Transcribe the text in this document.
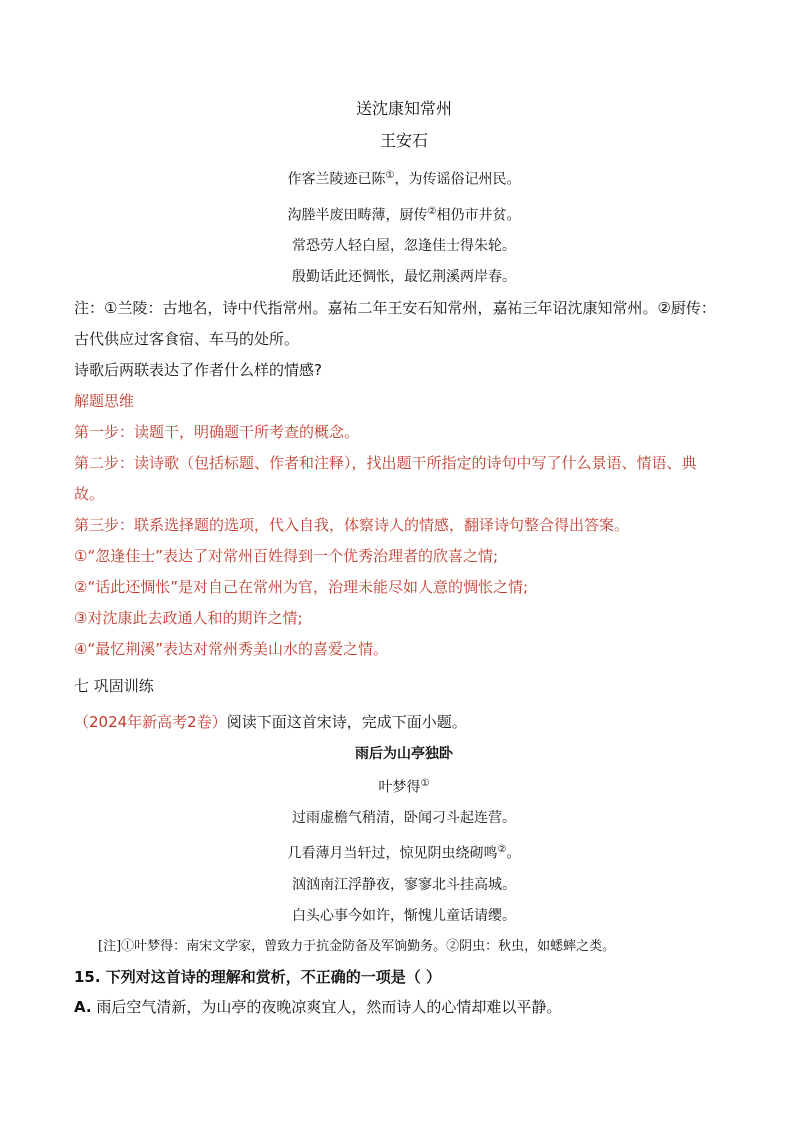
送沈康知常州
王安石
作客兰陵迹已陈①，为传谣俗记州民。
沟塍半废田畴薄，厨传②相仍市井贫。
常恐劳人轻白屋，忽逢佳士得朱轮。
殷勤话此还惆怅，最忆荆溪两岸春。
注：①兰陵：古地名，诗中代指常州。嘉祐二年王安石知常州，嘉祐三年诏沈康知常州。②厨传：
古代供应过客食宿、车马的处所。
诗歌后两联表达了作者什么样的情感?
解题思维
第一步：读题干，明确题干所考查的概念。
第二步：读诗歌（包括标题、作者和注释），找出题干所指定的诗句中写了什么景语、情语、典
故。
第三步：联系选择题的选项，代入自我，体察诗人的情感，翻译诗句整合得出答案。
①“忽逢佳士”表达了对常州百姓得到一个优秀治理者的欣喜之情;
②“话此还惆怅”是对自己在常州为官，治理未能尽如人意的惆怅之情;
③对沈康此去政通人和的期许之情;
④“最忆荆溪”表达对常州秀美山水的喜爱之情。
七 巩固训练
（2024年新高考2卷）阅读下面这首宋诗，完成下面小题。
雨后为山亭独卧
叶梦得①
过雨虚檐气稍清，卧闻刁斗起连营。
几看薄月当轩过，惊见阴虫绕砌鸣②。
汹汹南江浮静夜，寥寥北斗挂高城。
白头心事今如许，惭愧儿童话请缨。
[注]①叶梦得：南宋文学家，曾致力于抗金防备及军饷勤务。②阴虫：秋虫，如蟋蟀之类。
15. 下列对这首诗的理解和赏析，不正确的一项是（ ）
A. 雨后空气清新，为山亭的夜晚凉爽宜人，然而诗人的心情却难以平静。
